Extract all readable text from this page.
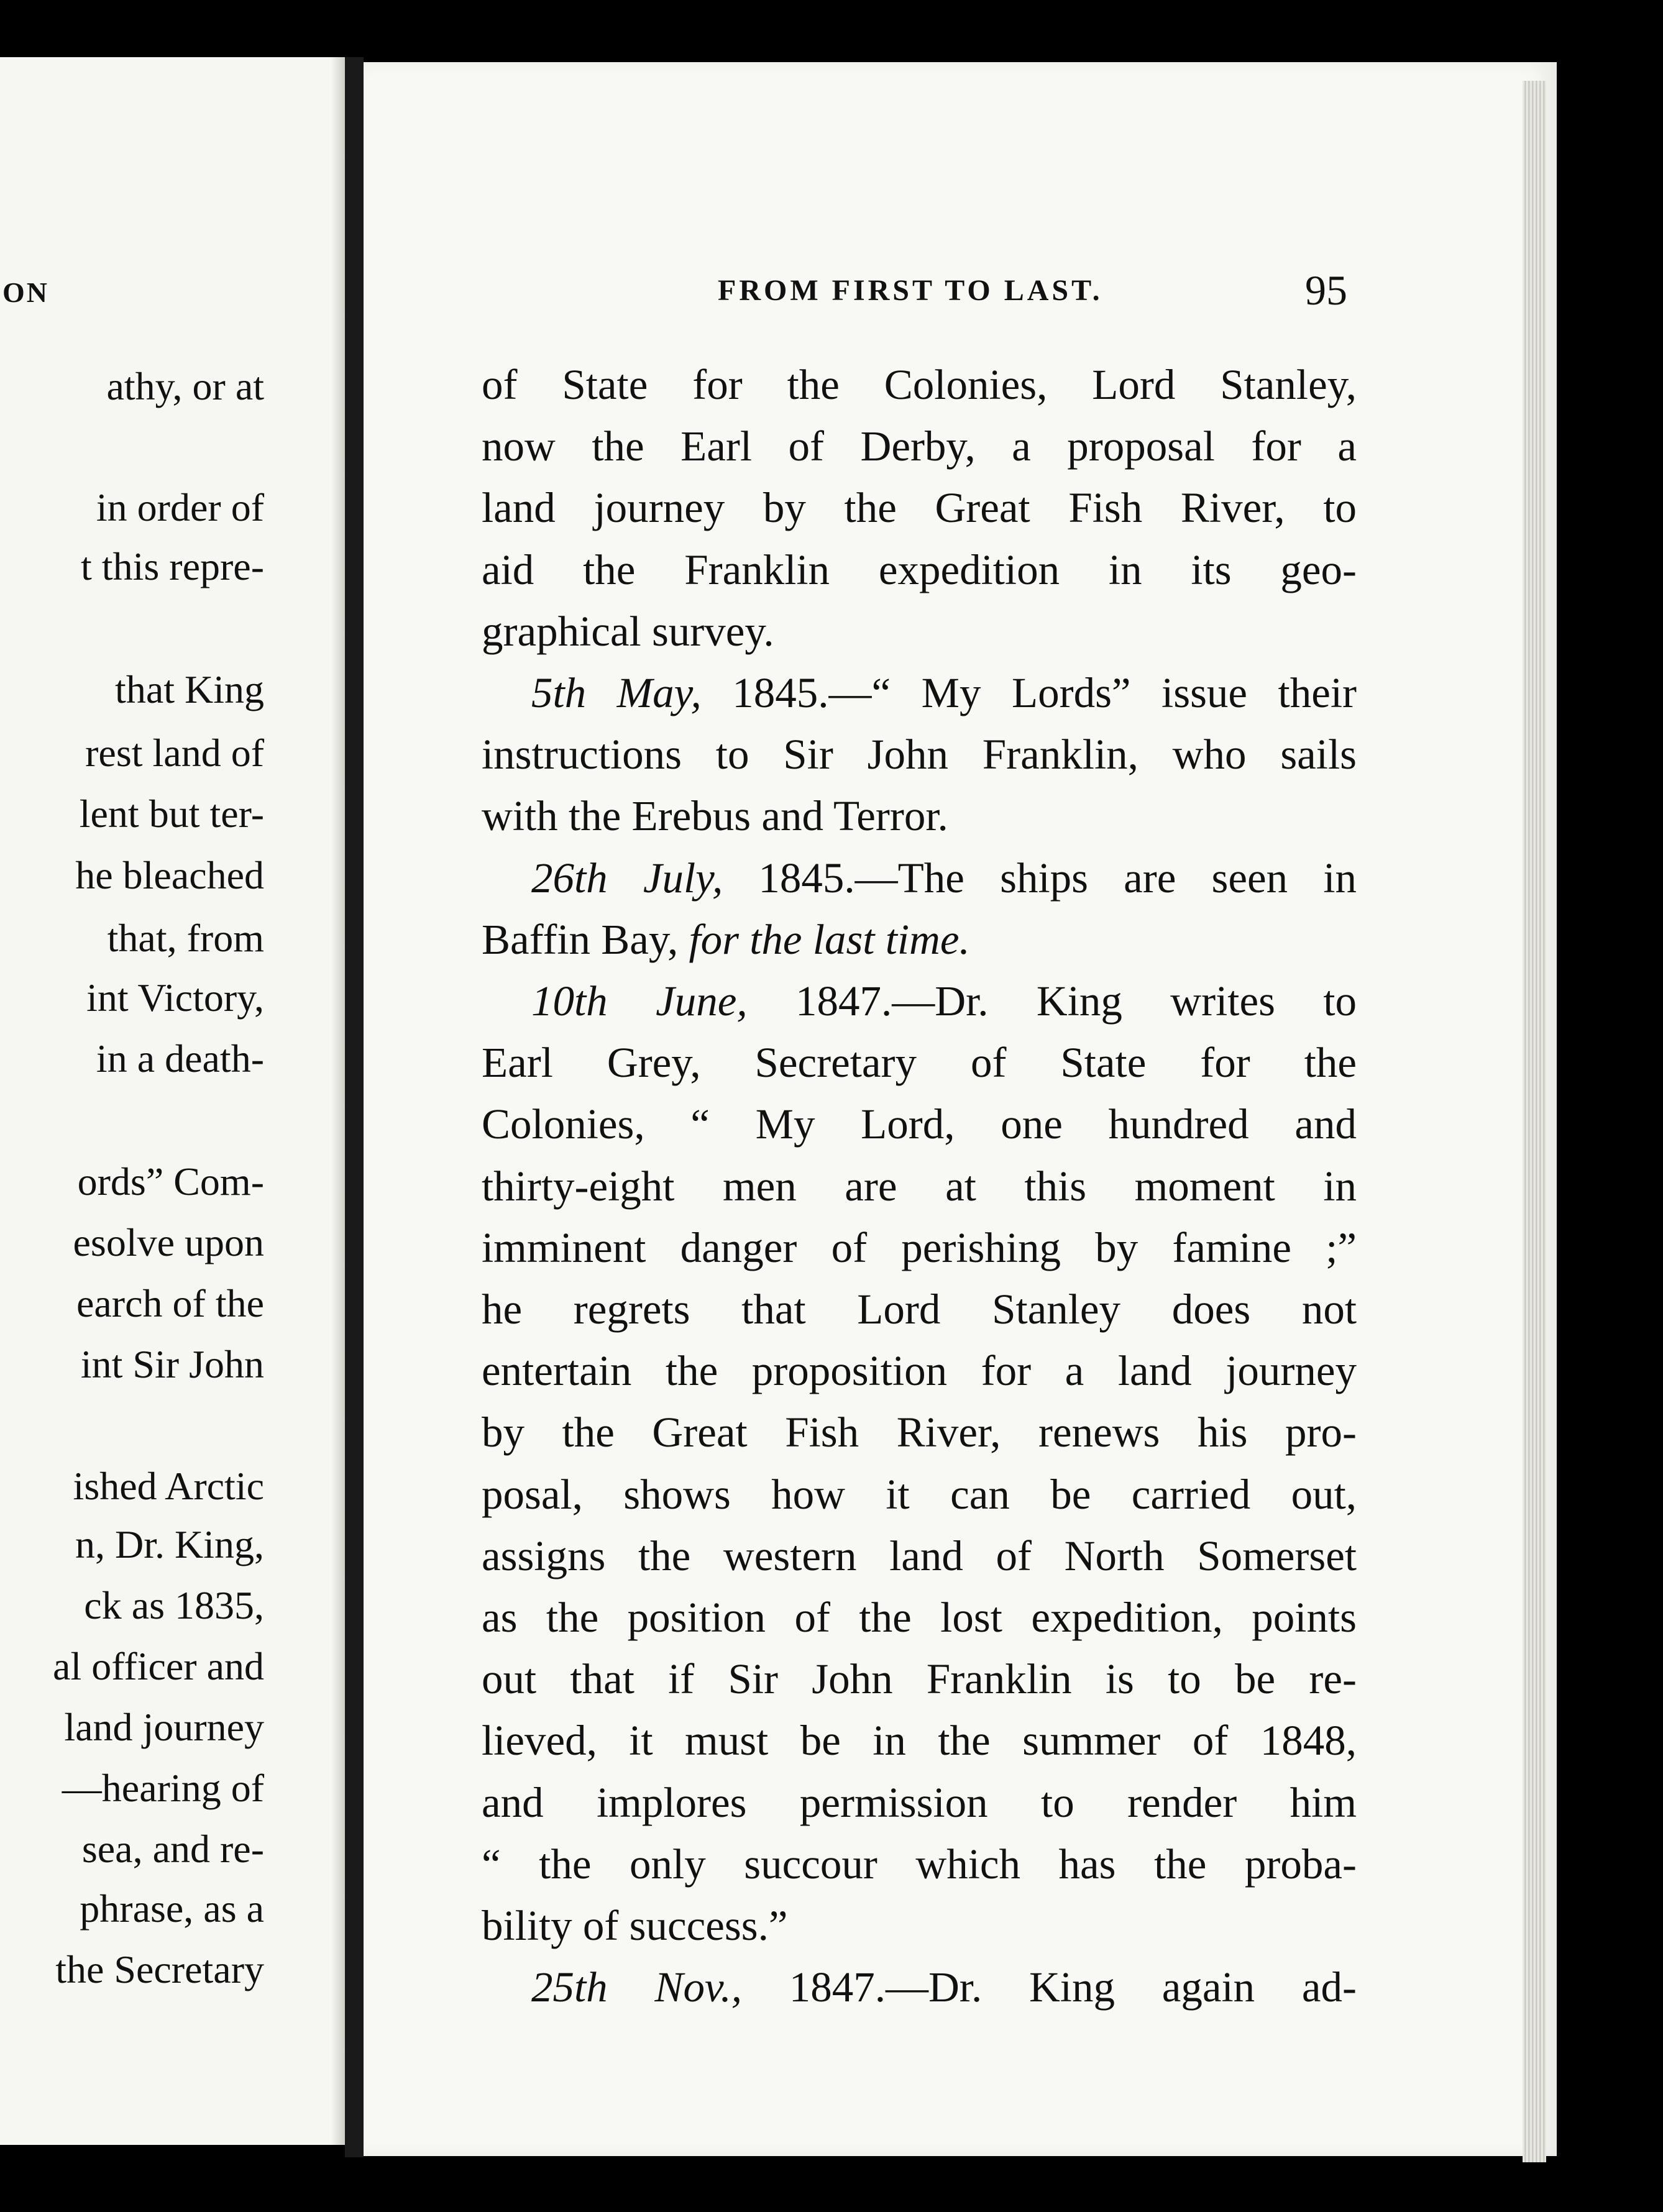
ON
athy, or at
in order of
t this repre-
that King
rest land of
lent but ter-
he bleached
that, from
int Victory,
in a death-
ords” Com-
esolve upon
earch of the
int Sir John
ished Arctic
n, Dr. King,
ck as 1835,
al officer and
land journey
—hearing of
sea, and re-
phrase, as a
the Secretary
FROM FIRST TO LAST.	95
of State for the Colonies, Lord Stanley,
now the Earl of Derby, a proposal for a
land journey by the Great Fish River, to
aid the Franklin expedition in its geo-
graphical survey.
5th May, 1845.—“ My Lords” issue their
instructions to Sir John Franklin, who sails
with the Erebus and Terror.
26th July, 1845.—The ships are seen in
Baffin Bay, for the last time.
10th June, 1847.—Dr. King writes to
Earl Grey, Secretary of State for the
Colonies, “ My Lord, one hundred and
thirty-eight men are at this moment in
imminent danger of perishing by famine ;”
he regrets that Lord Stanley does not
entertain the proposition for a land journey
by the Great Fish River, renews his pro-
posal, shows how it can be carried out,
assigns the western land of North Somerset
as the position of the lost expedition, points
out that if Sir John Franklin is to be re-
lieved, it must be in the summer of 1848,
and implores permission to render him
“ the only succour which has the proba-
bility of success.”
25th Nov., 1847.—Dr. King again ad-
